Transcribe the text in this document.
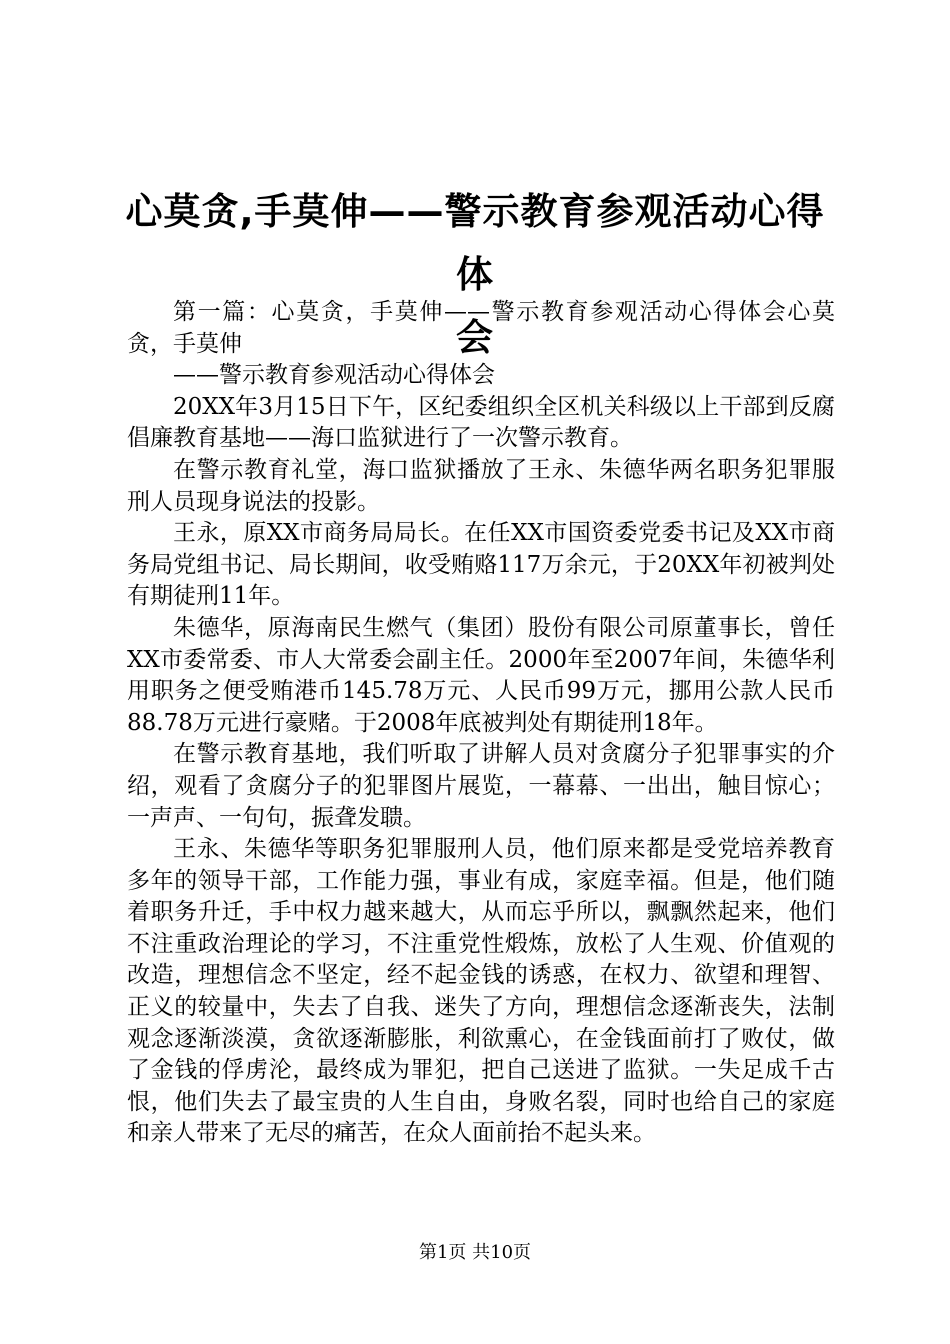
心莫贪,手莫伸——警示教育参观活动心得体
会

第一篇：心莫贪，手莫伸——警示教育参观活动心得体会心莫贪，手莫伸

——警示教育参观活动心得体会

20XX年3月15日下午，区纪委组织全区机关科级以上干部到反腐倡廉教育基地——海口监狱进行了一次警示教育。

在警示教育礼堂，海口监狱播放了王永、朱德华两名职务犯罪服刑人员现身说法的投影。

王永，原XX市商务局局长。在任XX市国资委党委书记及XX市商务局党组书记、局长期间，收受贿赂117万余元，于20XX年初被判处有期徒刑11年。

朱德华，原海南民生燃气（集团）股份有限公司原董事长，曾任XX市委常委、市人大常委会副主任。2000年至2007年间，朱德华利用职务之便受贿港币145.78万元、人民币99万元，挪用公款人民币88.78万元进行豪赌。于2008年底被判处有期徒刑18年。

在警示教育基地，我们听取了讲解人员对贪腐分子犯罪事实的介绍，观看了贪腐分子的犯罪图片展览，一幕幕、一出出，触目惊心；一声声、一句句，振聋发聩。

王永、朱德华等职务犯罪服刑人员，他们原来都是受党培养教育多年的领导干部，工作能力强，事业有成，家庭幸福。但是，他们随着职务升迁，手中权力越来越大，从而忘乎所以，飘飘然起来，他们不注重政治理论的学习，不注重党性煅炼，放松了人生观、价值观的改造，理想信念不坚定，经不起金钱的诱惑，在权力、欲望和理智、正义的较量中，失去了自我、迷失了方向，理想信念逐渐丧失，法制观念逐渐淡漠，贪欲逐渐膨胀，利欲熏心，在金钱面前打了败仗，做了金钱的俘虏沦，最终成为罪犯，把自己送进了监狱。一失足成千古恨，他们失去了最宝贵的人生自由，身败名裂，同时也给自己的家庭和亲人带来了无尽的痛苦，在众人面前抬不起头来。

第1页 共10页
